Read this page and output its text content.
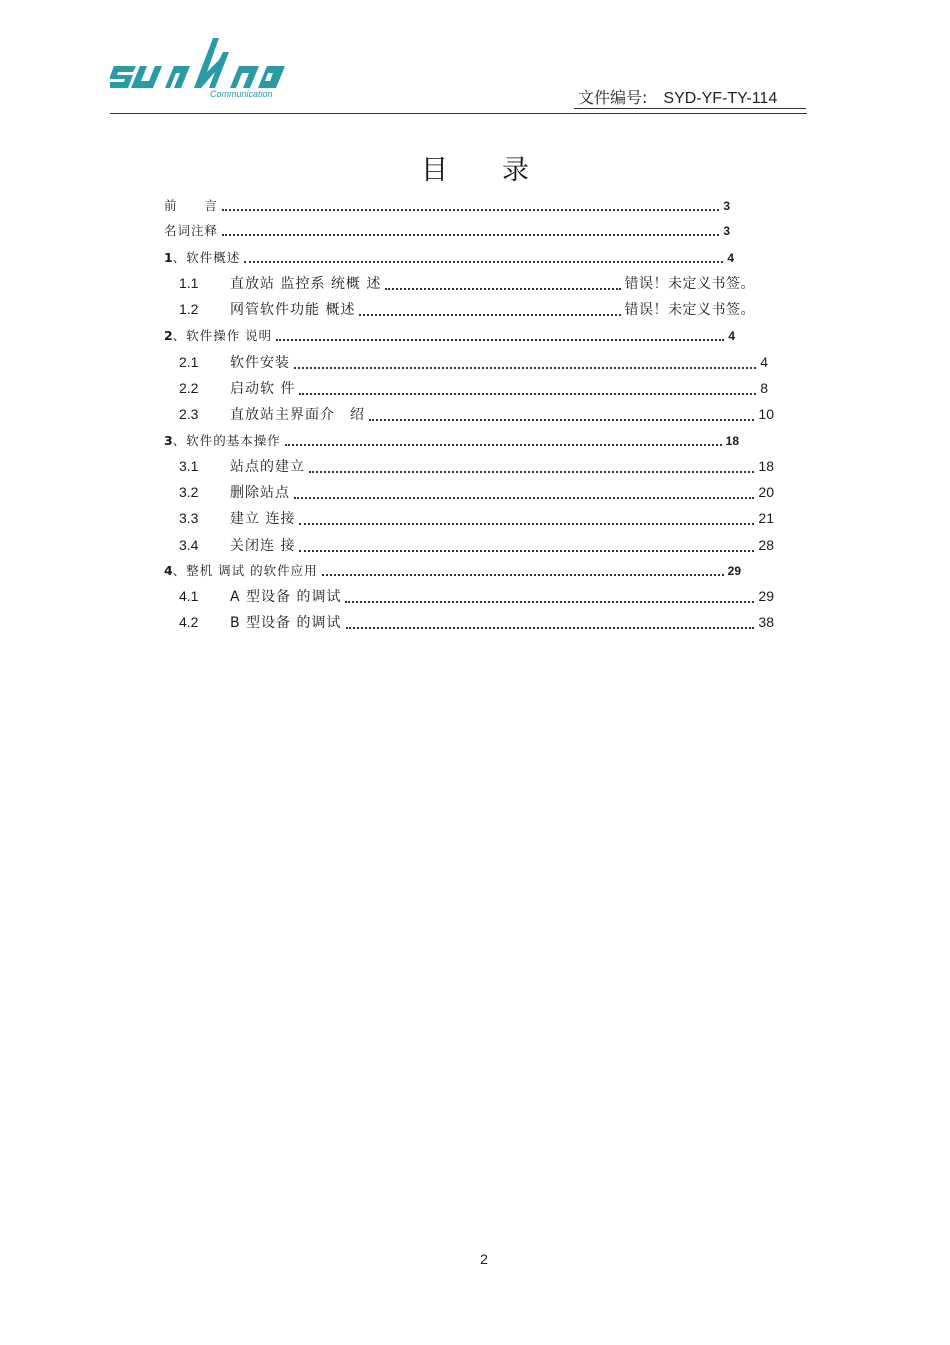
Communication	文件编号: SYD-YF-TY-114
目录
前　　言	3
名词注释	3
1 、软件概述	4
1.1	直放站 监控系 统概 述	错误！未定义书签。
1.2	网管软件功能 概述	错误！未定义书签。
2 、软件操作 说明	4
2.1	软件安装	4
2.2	启动软 件	8
2.3	直放站主界面介　绍	10
3 、软件的基本操作	18
3.1	站点的建立	18
3.2	删除站点	20
3.3	建立 连接	21
3.4	关闭连 接	28
4 、整机 调试 的软件应用	29
4.1	A 型设备 的调试	29
4.2	B 型设备 的调试	38
2
